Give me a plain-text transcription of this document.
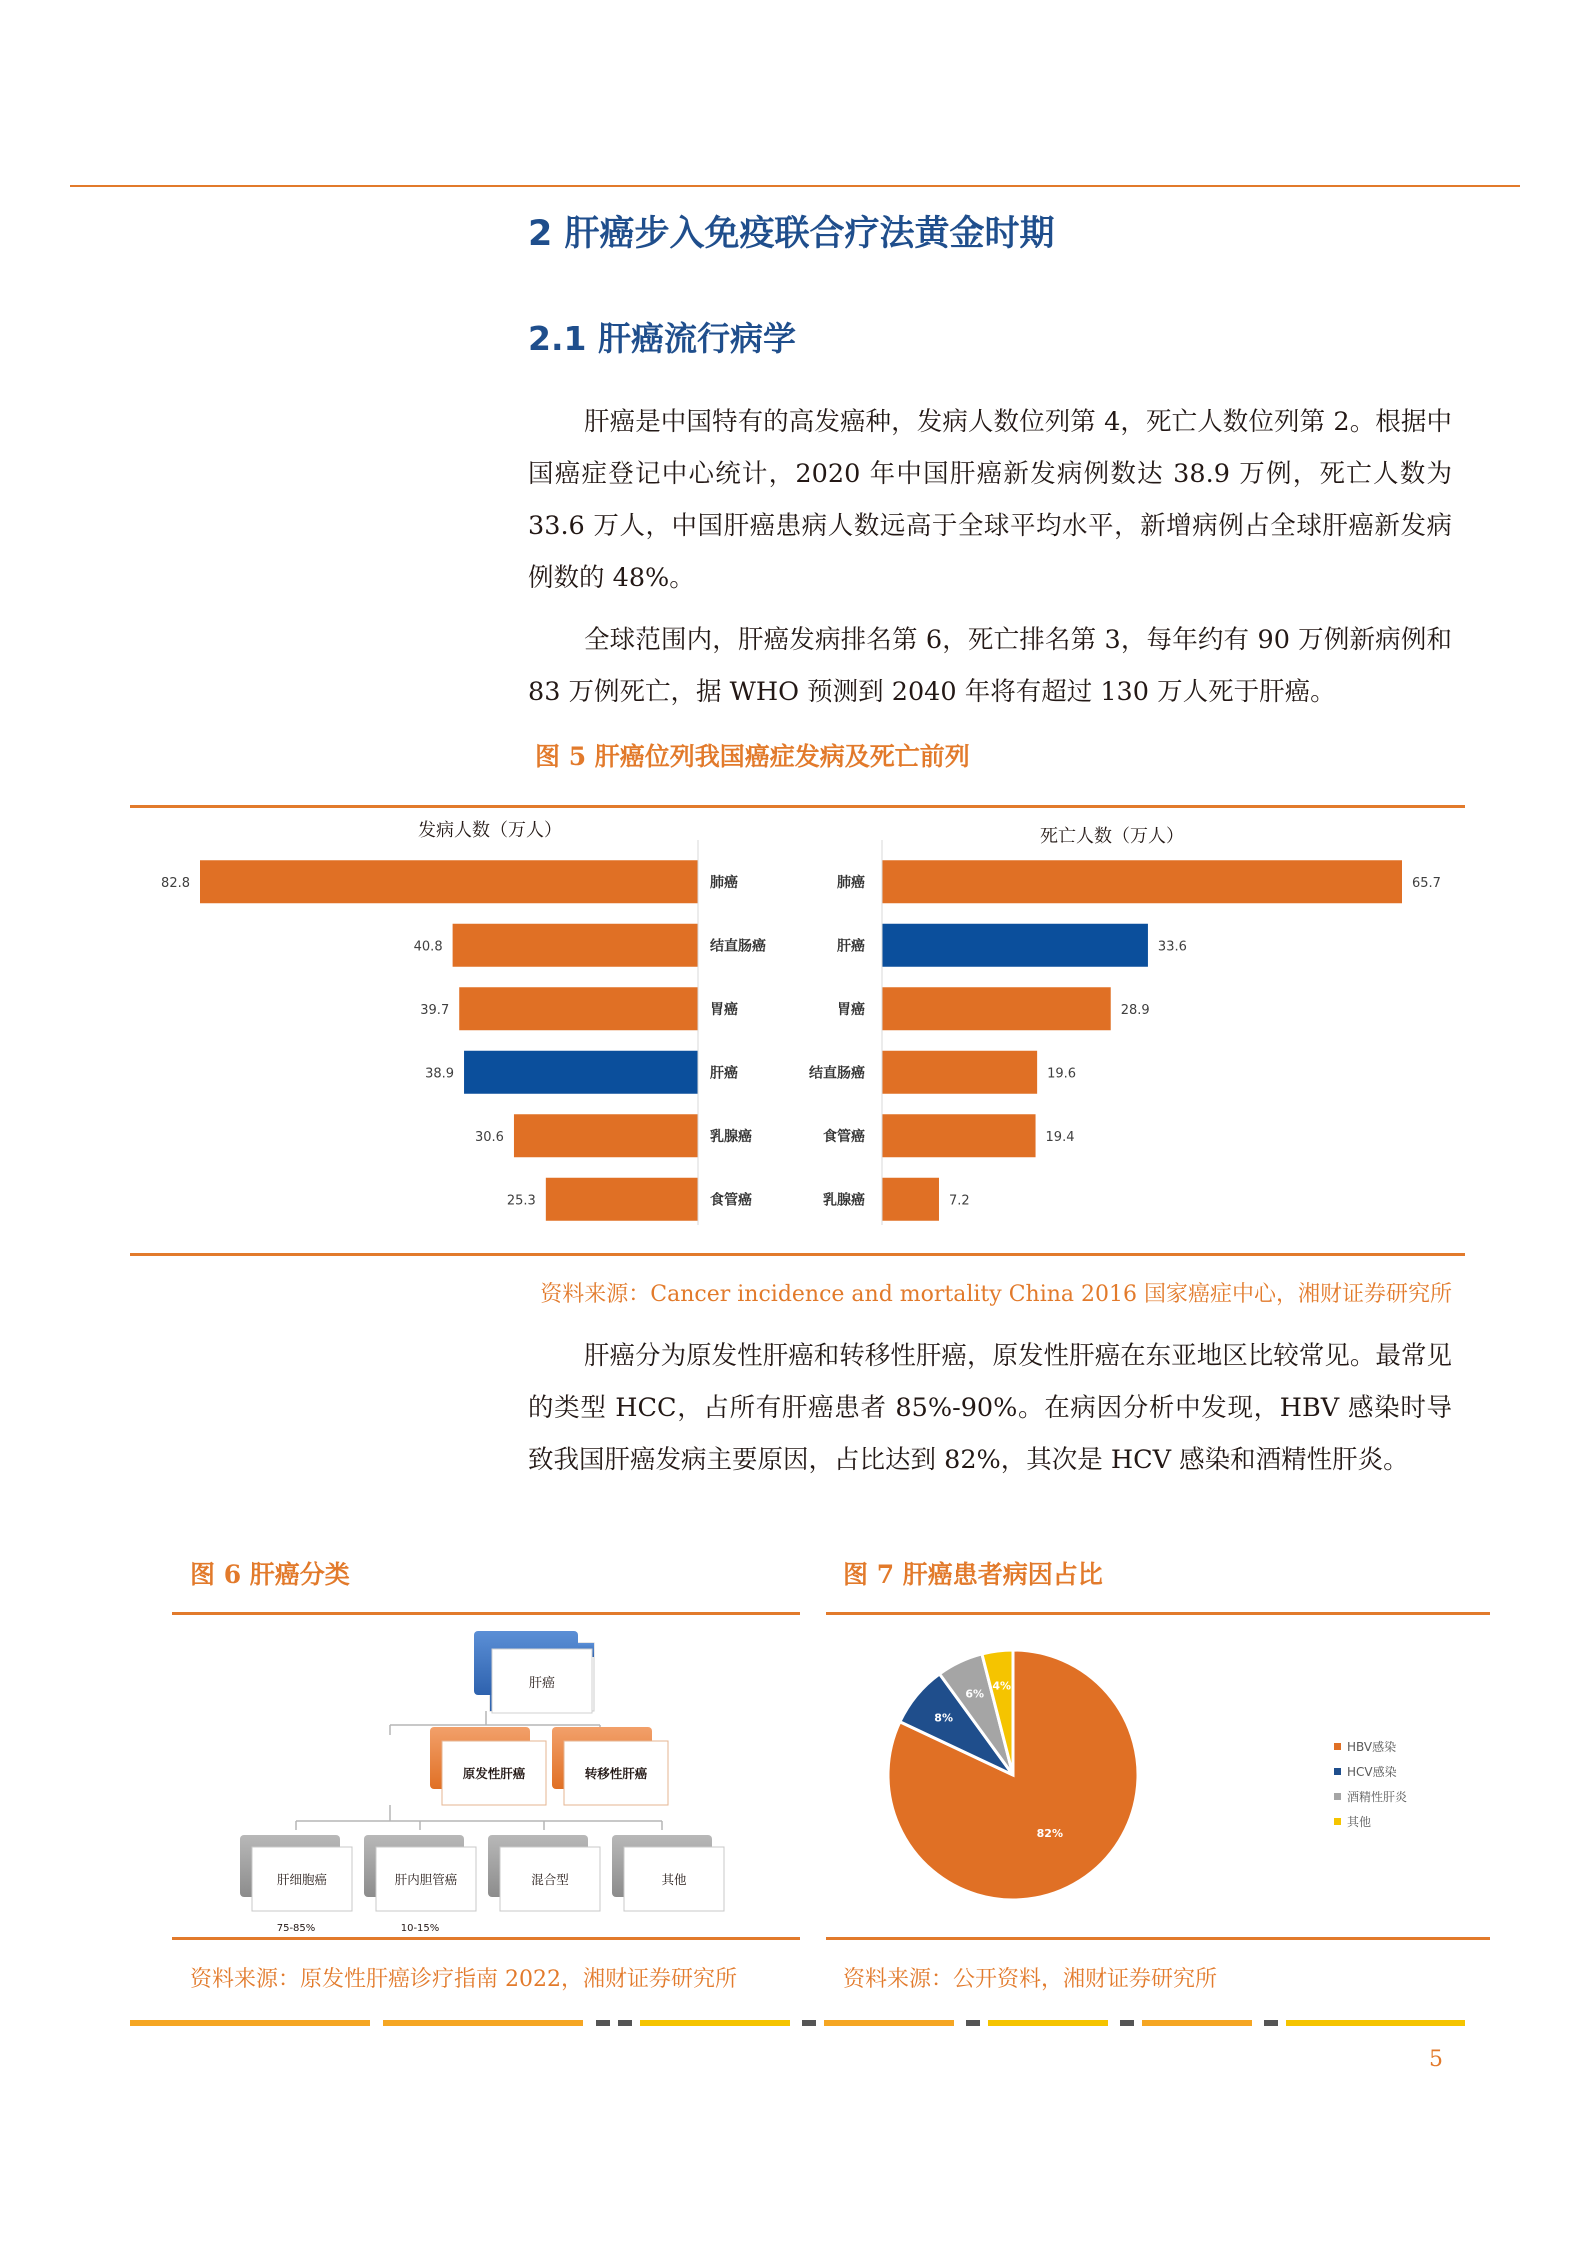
2 肝癌步入免疫联合疗法黄金时期
2.1 肝癌流行病学
肝癌是中国特有的高发癌种，发病人数位列第 4，死亡人数位列第 2。根据中国癌症登记中心统计，2020 年中国肝癌新发病例数达 38.9 万例，死亡人数为 33.6 万人，中国肝癌患病人数远高于全球平均水平，新增病例占全球肝癌新发病例数的 48%。
全球范围内，肝癌发病排名第 6，死亡排名第 3，每年约有 90 万例新病例和 83 万例死亡，据 WHO 预测到 2040 年将有超过 130 万人死于肝癌。
图 5 肝癌位列我国癌症发病及死亡前列
发病人数（万人）	死亡人数（万人）
82.8	肺癌
40.8	结直肠癌
39.7	胃癌
38.9	肝癌
30.6	乳腺癌
25.3	食管癌
65.7
肺癌
33.6
肝癌
28.9
胃癌
19.6
结直肠癌
19.4
食管癌
7.2
乳腺癌
资料来源：Cancer incidence and mortality China 2016 国家癌症中心，湘财证券研究所
肝癌分为原发性肝癌和转移性肝癌，原发性肝癌在东亚地区比较常见。最常见的类型 HCC，占所有肝癌患者 85%-90%。在病因分析中发现，HBV 感染时导致我国肝癌发病主要原因，占比达到 82%，其次是 HCV 感染和酒精性肝炎。
图 6 肝癌分类
肝癌
原发性肝癌	转移性肝癌
肝细胞癌	肝内胆管癌	混合型	其他
75-85%	10-15%
资料来源：原发性肝癌诊疗指南 2022，湘财证券研究所
图 7 肝癌患者病因占比
82%
8%
6%
4%
HBV感染
HCV感染
酒精性肝炎
其他
资料来源：公开资料，湘财证券研究所
5
